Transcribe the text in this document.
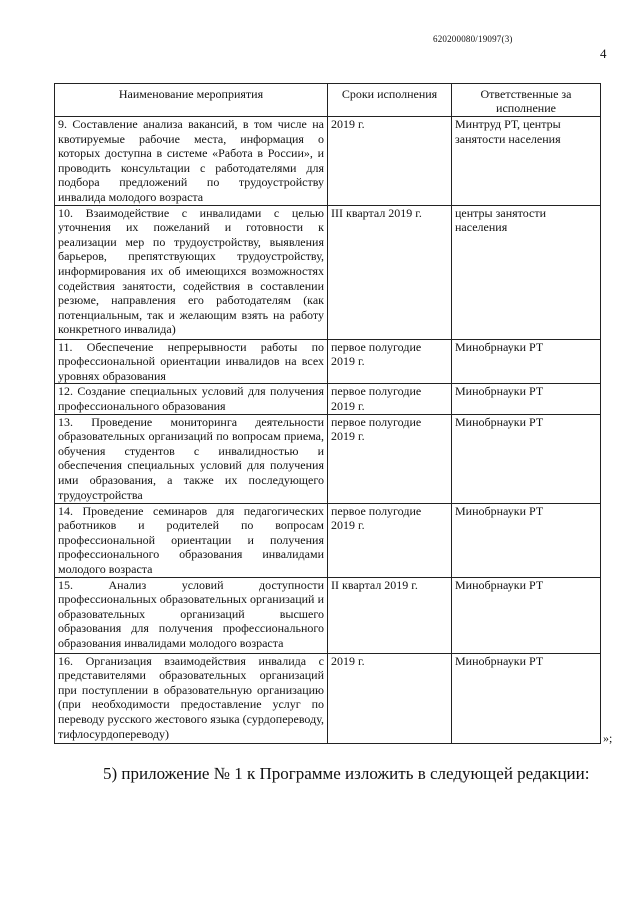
620200080/19097(3)
4
Наименование мероприятия	Сроки исполнения	Ответственные за исполнение
9. Составление анализа вакансий, в том числе на квотируемые рабочие места, информация о которых доступна в системе «Работа в России», и проводить консультации с работодателями для подбора предложений по трудоустройству инвалида молодого возраста	2019 г.	Минтруд РТ, центры занятости населения
10. Взаимодействие с инвалидами с целью уточнения их пожеланий и готовности к реализации мер по трудоустройству, выявления барьеров, препятствующих трудоустройству, информирования их об имеющихся возможностях содействия занятости, содействия в составлении резюме, направления его работодателям (как потенциальным, так и желающим взять на работу конкретного инвалида)	III квартал 2019 г.	центры занятости населения
11. Обеспечение непрерывности работы по профессиональной ориентации инвалидов на всех уровнях образования	первое полугодие 2019 г.	Минобрнауки РТ
12. Создание специальных условий для получения профессионального образования	первое полугодие 2019 г.	Минобрнауки РТ
13. Проведение мониторинга деятельности образовательных организаций по вопросам приема, обучения студентов с инвалидностью и обеспечения специальных условий для получения ими образования, а также их последующего трудоустройства	первое полугодие 2019 г.	Минобрнауки РТ
14. Проведение семинаров для педагогических работников и родителей по вопросам профессиональной ориентации и получения профессионального образования инвалидами молодого возраста	первое полугодие 2019 г.	Минобрнауки РТ
15. Анализ условий доступности профессиональных образовательных организаций и образовательных организаций высшего образования для получения профессионального образования инвалидами молодого возраста	II квартал 2019 г.	Минобрнауки РТ
16. Организация взаимодействия инвалида с представителями образовательных организаций при поступлении в образовательную организацию (при необходимости предоставление услуг по переводу русского жестового языка (сурдопереводу, тифлосурдопереводу)	2019 г.	Минобрнауки РТ
»;
5) приложение № 1 к Программе изложить в следующей редакции:
